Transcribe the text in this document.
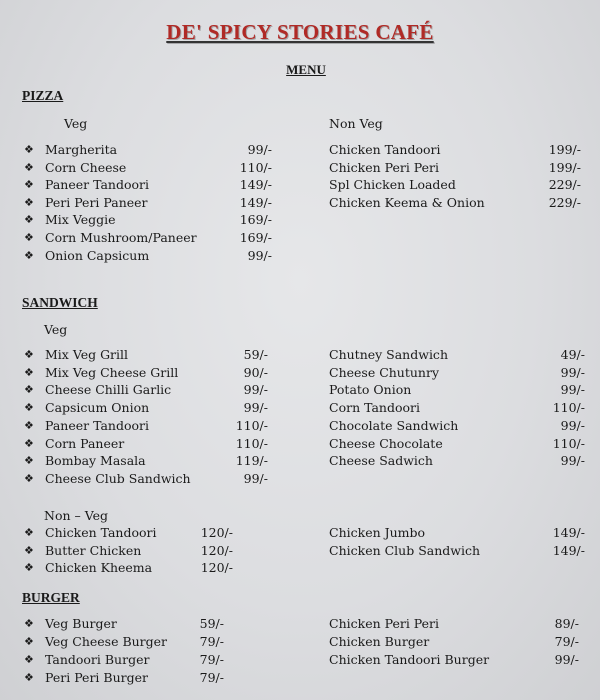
DE' SPICY STORIES CAFÉ
MENU
PIZZA
Veg	Non Veg
❖ Margherita	99/-
❖ Corn Cheese	110/-
❖ Paneer Tandoori	149/-
❖ Peri Peri Paneer	149/-
❖ Mix Veggie	169/-
❖ Corn Mushroom/Paneer	169/-
❖ Onion Capsicum	99/-
Chicken Tandoori	199/-
Chicken Peri Peri	199/-
Spl Chicken Loaded	229/-
Chicken Keema & Onion	229/-
SANDWICH
Veg
❖ Mix Veg Grill	59/-
❖ Mix Veg Cheese Grill	90/-
❖ Cheese Chilli Garlic	99/-
❖ Capsicum Onion	99/-
❖ Paneer Tandoori	110/-
❖ Corn Paneer	110/-
❖ Bombay Masala	119/-
❖ Cheese Club Sandwich	99/-
Chutney Sandwich	49/-
Cheese Chutunry	99/-
Potato Onion	99/-
Corn Tandoori	110/-
Chocolate Sandwich	99/-
Cheese Chocolate	110/-
Cheese Sadwich	99/-
Non – Veg
❖ Chicken Tandoori	120/-
❖ Butter Chicken	120/-
❖ Chicken Kheema	120/-
Chicken Jumbo	149/-
Chicken Club Sandwich	149/-
BURGER
❖ Veg Burger	59/-
❖ Veg Cheese Burger	79/-
❖ Tandoori Burger	79/-
❖ Peri Peri Burger	79/-
Chicken Peri Peri	89/-
Chicken Burger	79/-
Chicken Tandoori Burger	99/-
